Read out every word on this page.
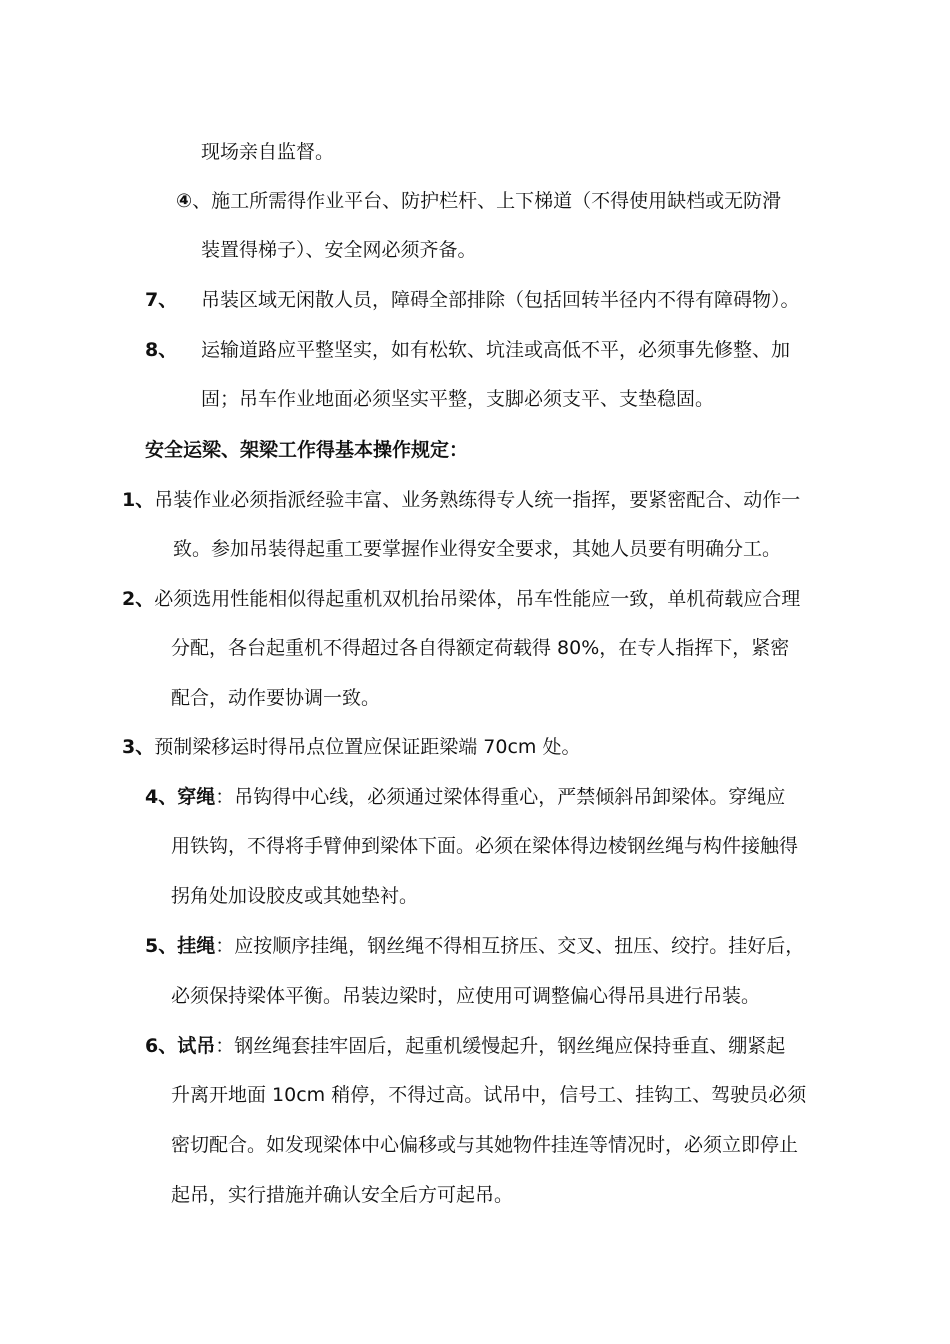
现场亲自监督。
④、施工所需得作业平台、防护栏杆、上下梯道（不得使用缺档或无防滑
装置得梯子）、安全网必须齐备。
7、 吊装区域无闲散人员，障碍全部排除（包括回转半径内不得有障碍物）。
8、 运输道路应平整坚实，如有松软、坑洼或高低不平，必须事先修整、加
固；吊车作业地面必须坚实平整，支脚必须支平、支垫稳固。
安全运梁、架梁工作得基本操作规定：
1、吊装作业必须指派经验丰富、业务熟练得专人统一指挥，要紧密配合、动作一
致。参加吊装得起重工要掌握作业得安全要求，其她人员要有明确分工。
2、必须选用性能相似得起重机双机抬吊梁体，吊车性能应一致，单机荷载应合理
分配，各台起重机不得超过各自得额定荷载得 80%，在专人指挥下，紧密
配合，动作要协调一致。
3、预制梁移运时得吊点位置应保证距梁端 70cm 处。
4、穿绳：吊钩得中心线，必须通过梁体得重心，严禁倾斜吊卸梁体。穿绳应
用铁钩，不得将手臂伸到梁体下面。必须在梁体得边棱钢丝绳与构件接触得
拐角处加设胶皮或其她垫衬。
5、挂绳：应按顺序挂绳，钢丝绳不得相互挤压、交叉、扭压、绞拧。挂好后，
必须保持梁体平衡。吊装边梁时，应使用可调整偏心得吊具进行吊装。
6、试吊：钢丝绳套挂牢固后，起重机缓慢起升，钢丝绳应保持垂直、绷紧起
升离开地面 10cm 稍停，不得过高。试吊中，信号工、挂钩工、驾驶员必须
密切配合。如发现梁体中心偏移或与其她物件挂连等情况时，必须立即停止
起吊，实行措施并确认安全后方可起吊。
